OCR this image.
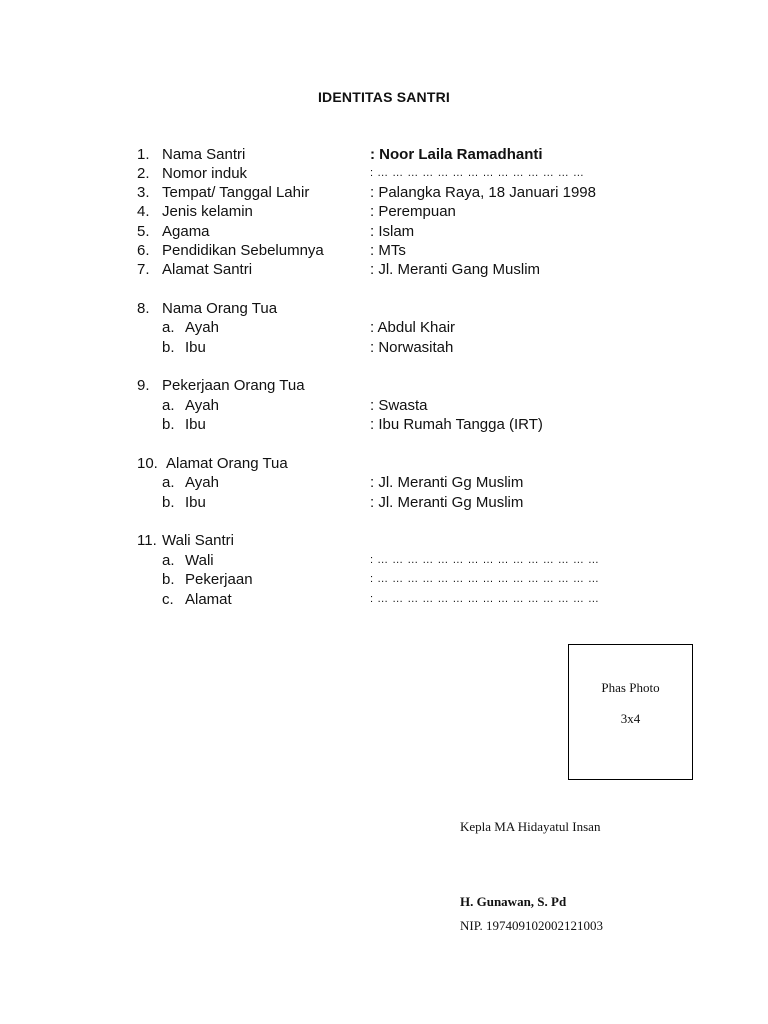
IDENTITAS SANTRI
1. Nama Santri	: Noor Laila Ramadhanti
2. Nomor induk	: … … … … … … … … … … … … … …
3. Tempat/ Tanggal Lahir	: Palangka Raya, 18 Januari 1998
4. Jenis kelamin	: Perempuan
5. Agama	: Islam
6. Pendidikan Sebelumnya	: MTs
7. Alamat Santri	: Jl. Meranti Gang Muslim
8. Nama Orang Tua
a. Ayah	: Abdul Khair
b. Ibu	: Norwasitah
9. Pekerjaan Orang Tua
a. Ayah	: Swasta
b. Ibu	: Ibu Rumah Tangga (IRT)
10. Alamat Orang Tua
a. Ayah	: Jl. Meranti Gg Muslim
b. Ibu	: Jl. Meranti Gg Muslim
11. Wali Santri
a. Wali	: … … … … … … … … … … … … … … …
b. Pekerjaan	: … … … … … … … … … … … … … … …
c. Alamat	: … … … … … … … … … … … … … … …
Phas Photo
3x4
Kepla MA Hidayatul Insan
H. Gunawan, S. Pd
NIP. 197409102002121003
